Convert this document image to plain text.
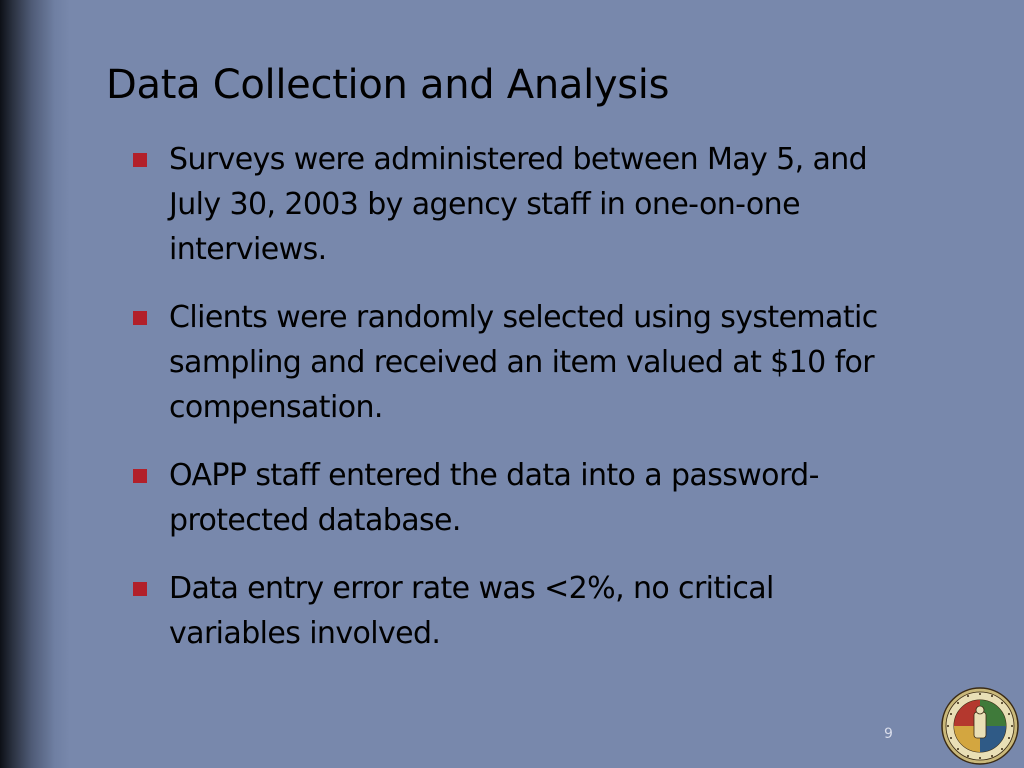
Data Collection and Analysis
Surveys were administered between May 5, and July 30, 2003 by agency staff in one-on-one interviews.
Clients were randomly selected using systematic sampling and received an item valued at $10 for compensation.
OAPP staff entered the data into a password-protected database.
Data entry error rate was <2%, no critical variables involved.
9
